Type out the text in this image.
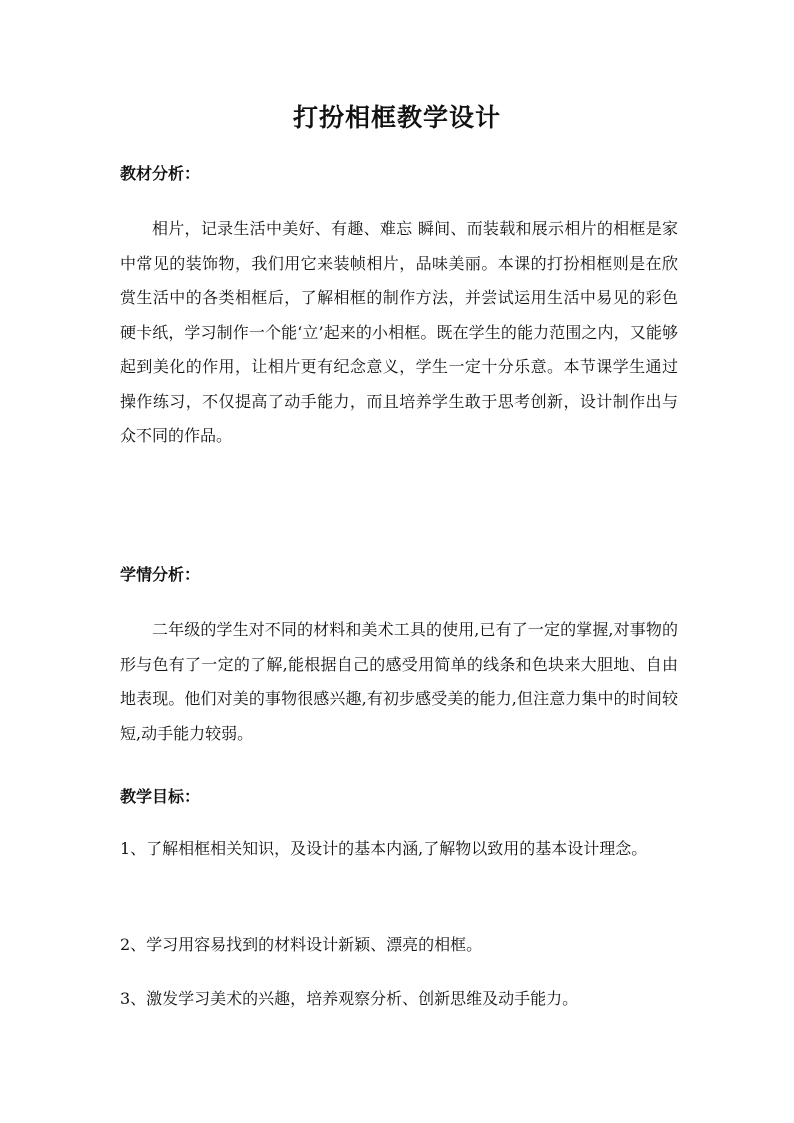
打扮相框教学设计
教材分析：

相片，记录生活中美好、有趣、难忘 瞬间、而装载和展示相片的相框是家中常见的装饰物，我们用它来装帧相片，品味美丽。本课的打扮相框则是在欣赏生活中的各类相框后，了解相框的制作方法，并尝试运用生活中易见的彩色硬卡纸，学习制作一个能‘立’起来的小相框。既在学生的能力范围之内，又能够起到美化的作用，让相片更有纪念意义，学生一定十分乐意。本节课学生通过操作练习，不仅提高了动手能力，而且培养学生敢于思考创新，设计制作出与众不同的作品。

学情分析：

二年级的学生对不同的材料和美术工具的使用,已有了一定的掌握,对事物的形与色有了一定的了解,能根据自己的感受用简单的线条和色块来大胆地、自由地表现。他们对美的事物很感兴趣,有初步感受美的能力,但注意力集中的时间较短,动手能力较弱。

教学目标：

1、了解相框相关知识，及设计的基本内涵,了解物以致用的基本设计理念。

2、学习用容易找到的材料设计新颖、漂亮的相框。

3、激发学习美术的兴趣，培养观察分析、创新思维及动手能力。
